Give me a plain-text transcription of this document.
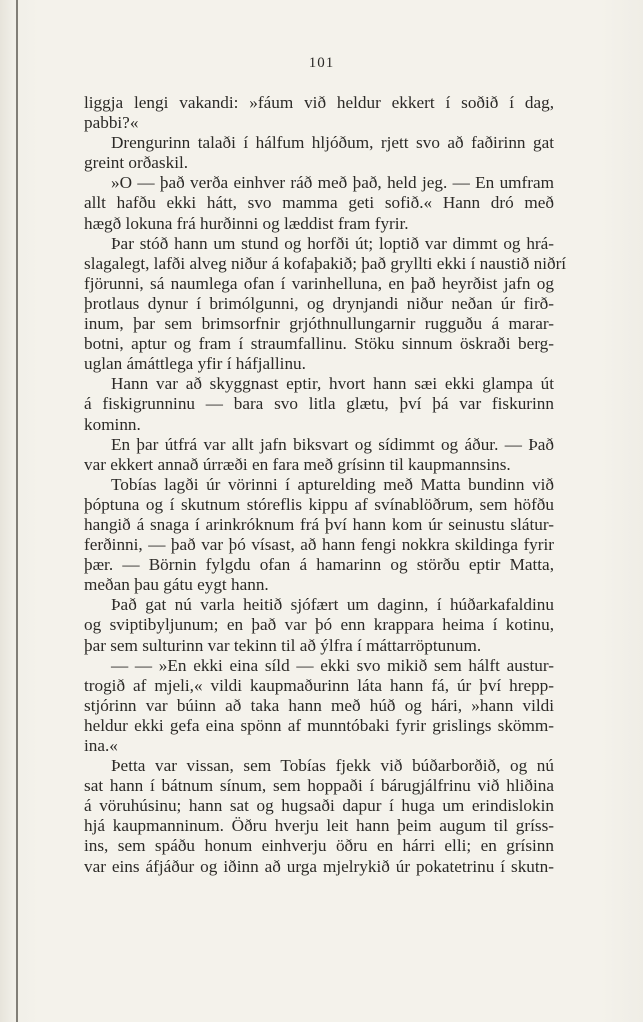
101
liggja lengi vakandi: »fáum við heldur ekkert í soðið í dag,
pabbi?«
Drengurinn talaði í hálfum hljóðum, rjett svo að faðirinn gat
greint orðaskil.
»O — það verða einhver ráð með það, held jeg. — En umfram
allt hafðu ekki hátt, svo mamma geti sofið.« Hann dró með
hægð lokuna frá hurðinni og læddist fram fyrir.
Þar stóð hann um stund og horfði út; loptið var dimmt og hrá-
slagalegt, lafði alveg niður á kofaþakið; það gryllti ekki í naustið niðrí
fjörunni, sá naumlega ofan í varinhelluna, en það heyrðist jafn og
þrotlaus dynur í brimólgunni, og drynjandi niður neðan úr firð-
inum, þar sem brimsorfnir grjóthnullungarnir rugguðu á marar-
botni, aptur og fram í straumfallinu. Stöku sinnum öskraði berg-
uglan ámáttlega yfir í háfjallinu.
Hann var að skyggnast eptir, hvort hann sæi ekki glampa út
á fiskigrunninu — bara svo litla glætu, því þá var fiskurinn
kominn.
En þar útfrá var allt jafn biksvart og sídimmt og áður. — Það
var ekkert annað úrræði en fara með grísinn til kaupmannsins.
Tobías lagði úr vörinni í apturelding með Matta bundinn við
þóptuna og í skutnum stóreflis kippu af svínablöðrum, sem höfðu
hangið á snaga í arinkróknum frá því hann kom úr seinustu slátur-
ferðinni, — það var þó vísast, að hann fengi nokkra skildinga fyrir
þær. — Börnin fylgdu ofan á hamarinn og störðu eptir Matta,
meðan þau gátu eygt hann.
Það gat nú varla heitið sjófært um daginn, í húðarkafaldinu
og sviptibyljunum; en það var þó enn krappara heima í kotinu,
þar sem sulturinn var tekinn til að ýlfra í máttarröptunum.
— — »En ekki eina síld — ekki svo mikið sem hálft austur-
trogið af mjeli,« vildi kaupmaðurinn láta hann fá, úr því hrepp-
stjórinn var búinn að taka hann með húð og hári, »hann vildi
heldur ekki gefa eina spönn af munntóbaki fyrir grislings skömm-
ina.«
Þetta var vissan, sem Tobías fjekk við búðarborðið, og nú
sat hann í bátnum sínum, sem hoppaði í bárugjálfrinu við hliðina
á vöruhúsinu; hann sat og hugsaði dapur í huga um erindislokin
hjá kaupmanninum. Öðru hverju leit hann þeim augum til gríss-
ins, sem spáðu honum einhverju öðru en hárri elli; en grísinn
var eins áfjáður og iðinn að urga mjelrykið úr pokatetrinu í skutn-
